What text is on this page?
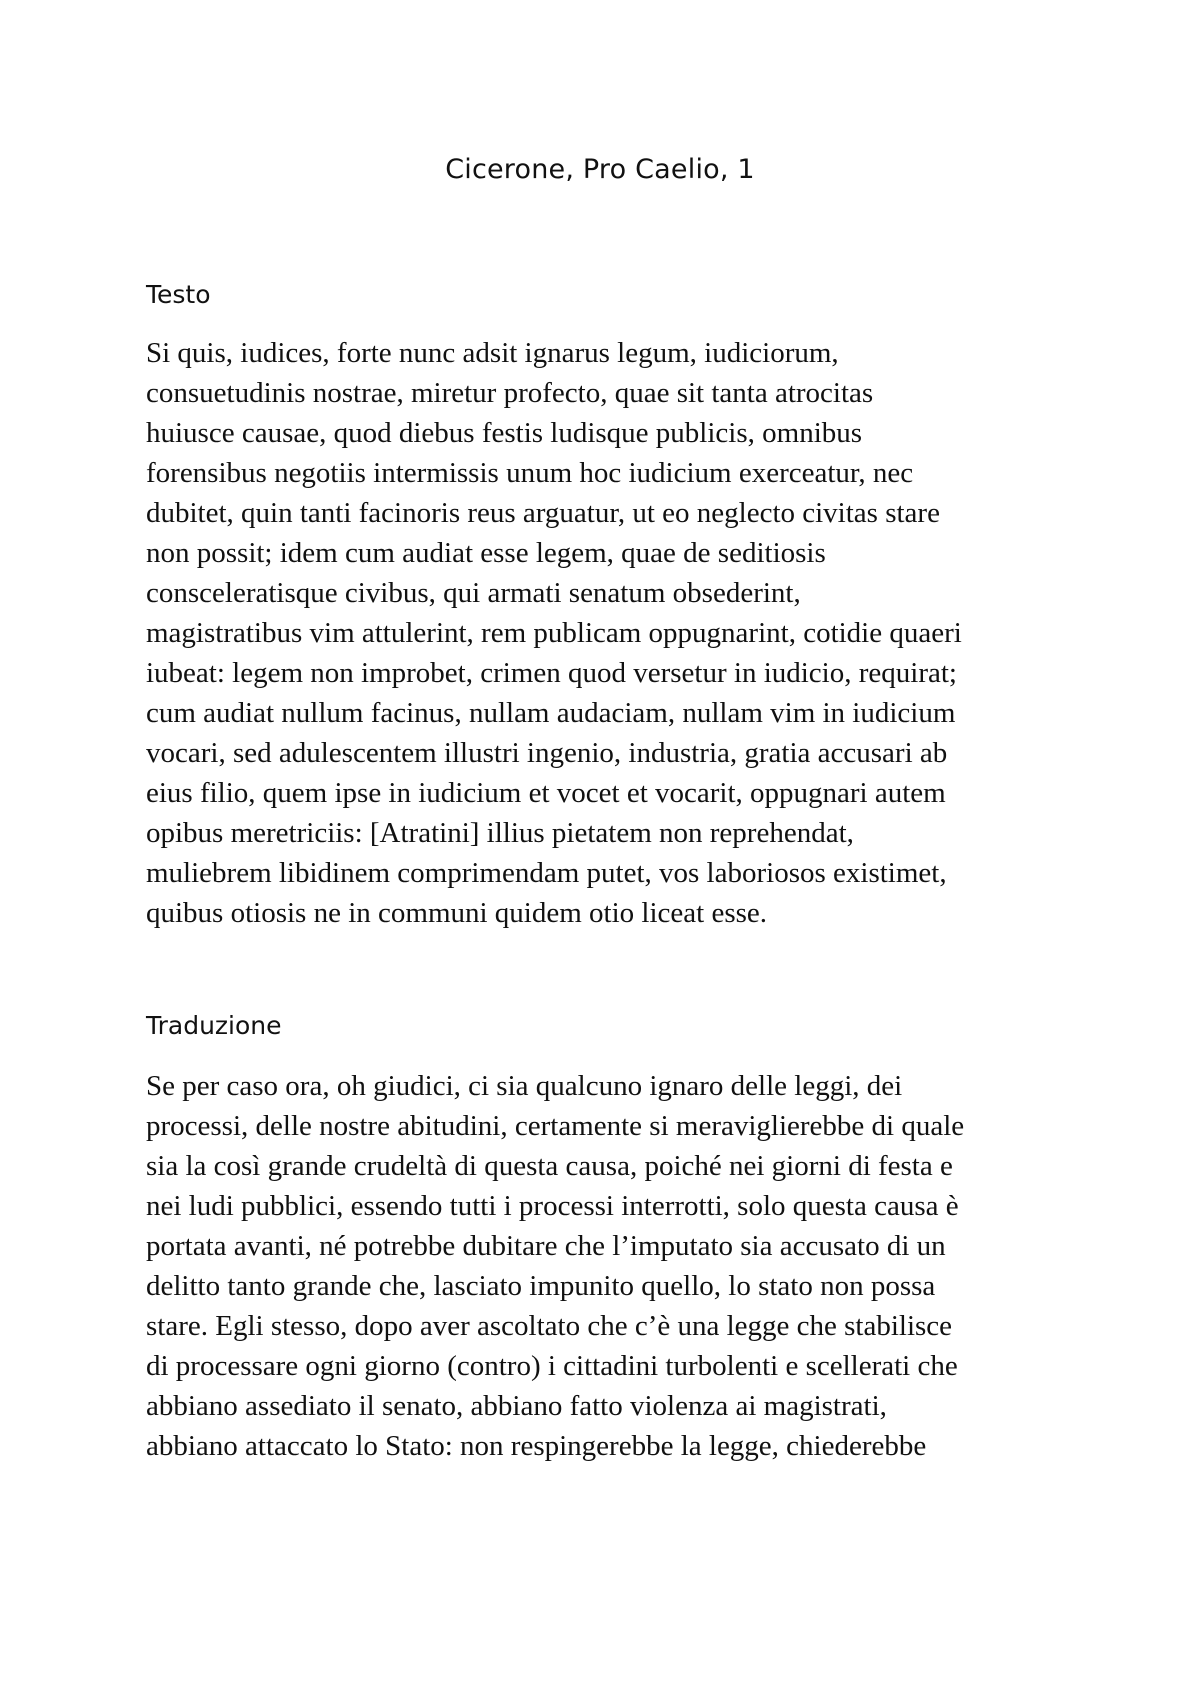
Cicerone, Pro Caelio, 1
Testo
Si quis, iudices, forte nunc adsit ignarus legum, iudiciorum,
consuetudinis nostrae, miretur profecto, quae sit tanta atrocitas
huiusce causae, quod diebus festis ludisque publicis, omnibus
forensibus negotiis intermissis unum hoc iudicium exerceatur, nec
dubitet, quin tanti facinoris reus arguatur, ut eo neglecto civitas stare
non possit; idem cum audiat esse legem, quae de seditiosis
consceleratisque civibus, qui armati senatum obsederint,
magistratibus vim attulerint, rem publicam oppugnarint, cotidie quaeri
iubeat: legem non improbet, crimen quod versetur in iudicio, requirat;
cum audiat nullum facinus, nullam audaciam, nullam vim in iudicium
vocari, sed adulescentem illustri ingenio, industria, gratia accusari ab
eius filio, quem ipse in iudicium et vocet et vocarit, oppugnari autem
opibus meretriciis: [Atratini] illius pietatem non reprehendat,
muliebrem libidinem comprimendam putet, vos laboriosos existimet,
quibus otiosis ne in communi quidem otio liceat esse.
Traduzione
Se per caso ora, oh giudici, ci sia qualcuno ignaro delle leggi, dei
processi, delle nostre abitudini, certamente si meraviglierebbe di quale
sia la così grande crudeltà di questa causa, poiché nei giorni di festa e
nei ludi pubblici, essendo tutti i processi interrotti, solo questa causa è
portata avanti, né potrebbe dubitare che l’imputato sia accusato di un
delitto tanto grande che, lasciato impunito quello, lo stato non possa
stare. Egli stesso, dopo aver ascoltato che c’è una legge che stabilisce
di processare ogni giorno (contro) i cittadini turbolenti e scellerati che
abbiano assediato il senato, abbiano fatto violenza ai magistrati,
abbiano attaccato lo Stato: non respingerebbe la legge, chiederebbe
